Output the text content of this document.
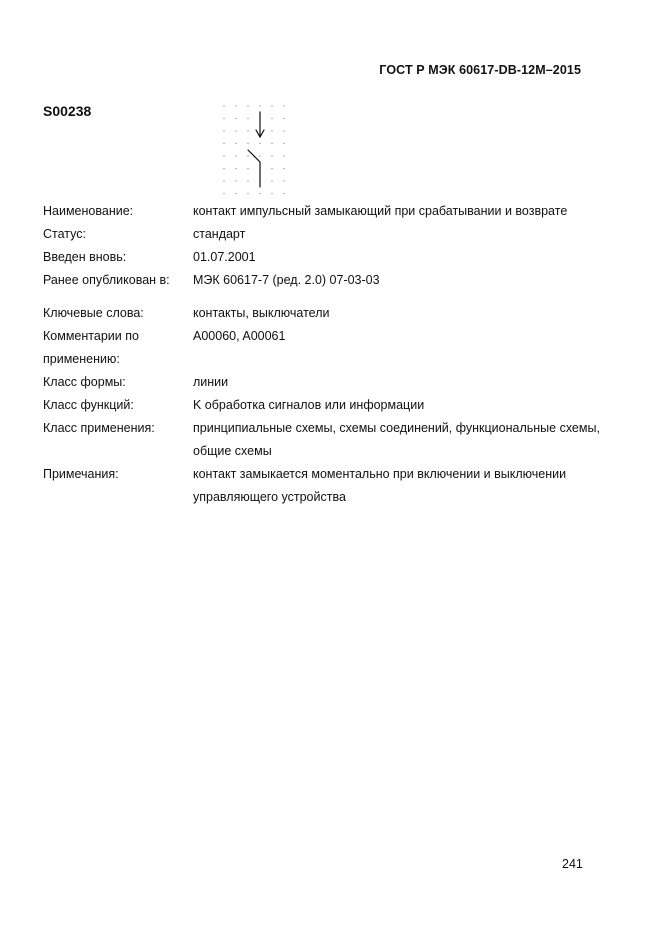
ГОСТ Р МЭК 60617-DB-12M–2015
S00238
Наименование:	контакт импульсный замыкающий при срабатывании и возврате
Статус:	стандарт
Введен вновь:	01.07.2001
Ранее опубликован в:	МЭК 60617-7 (ред. 2.0) 07-03-03
Ключевые слова:	контакты, выключатели
Комментарии по применению:
A00060, A00061
Класс формы:	линии
Класс функций:	K обработка сигналов или информации
Класс применения:	принципиальные схемы, схемы соединений, функциональные схемы, общие схемы
Примечания:	контакт замыкается моментально при включении и выключении управляющего устройства
241
